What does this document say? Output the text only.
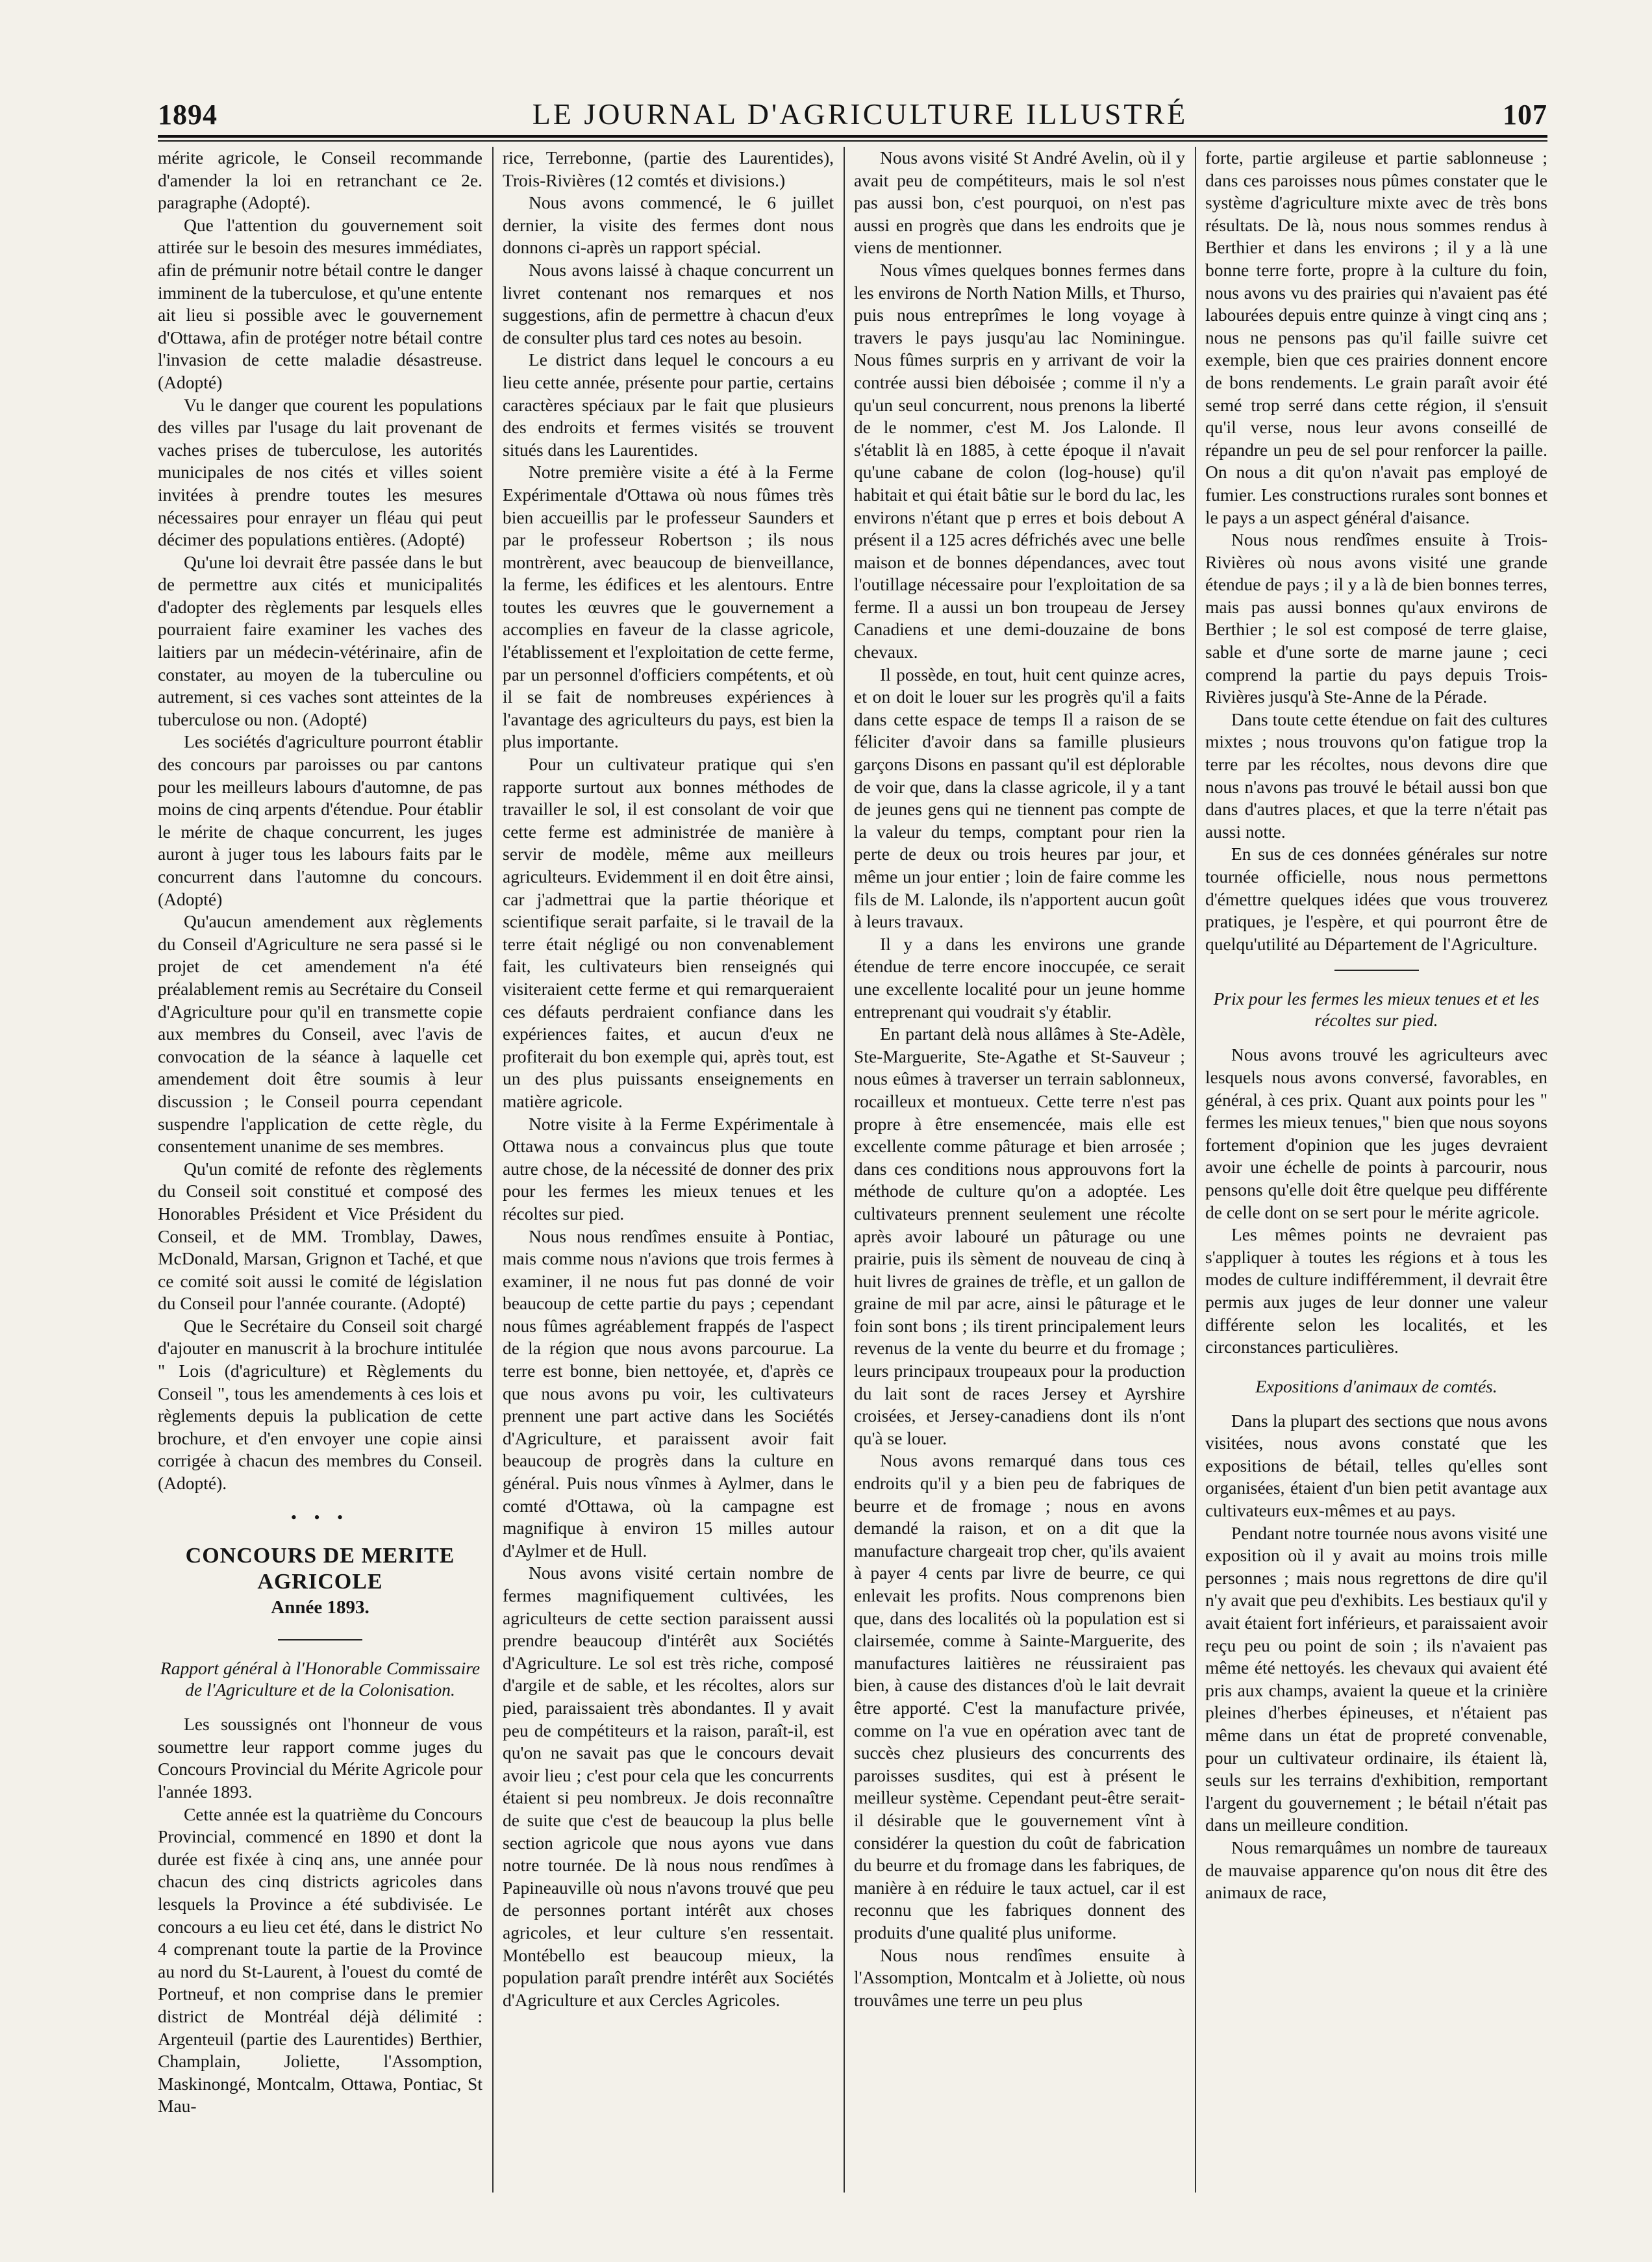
1894	LE JOURNAL D'AGRICULTURE ILLUSTRÉ	107

mérite agricole, le Conseil recommande d'amender la loi en retranchant ce 2e. paragraphe (Adopté).

Que l'attention du gouvernement soit attirée sur le besoin des mesures immédiates, afin de prémunir notre bétail contre le danger imminent de la tuberculose, et qu'une entente ait lieu si possible avec le gouvernement d'Ottawa, afin de protéger notre bétail contre l'invasion de cette maladie désastreuse. (Adopté)

Vu le danger que courent les populations des villes par l'usage du lait provenant de vaches prises de tuberculose, les autorités municipales de nos cités et villes soient invitées à prendre toutes les mesures nécessaires pour enrayer un fléau qui peut décimer des populations entières. (Adopté)

Qu'une loi devrait être passée dans le but de permettre aux cités et municipalités d'adopter des règlements par lesquels elles pourraient faire examiner les vaches des laitiers par un médecin-vétérinaire, afin de constater, au moyen de la tuberculine ou autrement, si ces vaches sont atteintes de la tuberculose ou non. (Adopté)

Les sociétés d'agriculture pourront établir des concours par paroisses ou par cantons pour les meilleurs labours d'automne, de pas moins de cinq arpents d'étendue. Pour établir le mérite de chaque concurrent, les juges auront à juger tous les labours faits par le concurrent dans l'automne du concours. (Adopté)

Qu'aucun amendement aux règlements du Conseil d'Agriculture ne sera passé si le projet de cet amendement n'a été préalablement remis au Secrétaire du Conseil d'Agriculture pour qu'il en transmette copie aux membres du Conseil, avec l'avis de convocation de la séance à laquelle cet amendement doit être soumis à leur discussion ; le Conseil pourra cependant suspendre l'application de cette règle, du consentement unanime de ses membres.

Qu'un comité de refonte des règlements du Conseil soit constitué et composé des Honorables Président et Vice Président du Conseil, et de MM. Tromblay, Dawes, McDonald, Marsan, Grignon et Taché, et que ce comité soit aussi le comité de législation du Conseil pour l'année courante. (Adopté)

Que le Secrétaire du Conseil soit chargé d'ajouter en manuscrit à la brochure intitulée " Lois (d'agriculture) et Règlements du Conseil ", tous les amendements à ces lois et règlements depuis la publication de cette brochure, et d'en envoyer une copie ainsi corrigée à chacun des membres du Conseil. (Adopté).

• • •
CONCOURS DE MERITE AGRICOLE
Année 1893.
Rapport général à l'Honorable Commissaire de l'Agriculture et de la Colonisation.

Les soussignés ont l'honneur de vous soumettre leur rapport comme juges du Concours Provincial du Mérite Agricole pour l'année 1893.

Cette année est la quatrième du Concours Provincial, commencé en 1890 et dont la durée est fixée à cinq ans, une année pour chacun des cinq districts agricoles dans lesquels la Province a été subdivisée. Le concours a eu lieu cet été, dans le district No 4 comprenant toute la partie de la Province au nord du St-Laurent, à l'ouest du comté de Portneuf, et non comprise dans le premier district de Montréal déjà délimité : Argenteuil (partie des Laurentides) Berthier, Champlain, Joliette, l'Assomption, Maskinongé, Montcalm, Ottawa, Pontiac, St Mau-

rice, Terrebonne, (partie des Laurentides), Trois-Rivières (12 comtés et divisions.)

Nous avons commencé, le 6 juillet dernier, la visite des fermes dont nous donnons ci-après un rapport spécial.

Nous avons laissé à chaque concurrent un livret contenant nos remarques et nos suggestions, afin de permettre à chacun d'eux de consulter plus tard ces notes au besoin.

Le district dans lequel le concours a eu lieu cette année, présente pour partie, certains caractères spéciaux par le fait que plusieurs des endroits et fermes visités se trouvent situés dans les Laurentides.

Notre première visite a été à la Ferme Expérimentale d'Ottawa où nous fûmes très bien accueillis par le professeur Saunders et par le professeur Robertson ; ils nous montrèrent, avec beaucoup de bienveillance, la ferme, les édifices et les alentours. Entre toutes les œuvres que le gouvernement a accomplies en faveur de la classe agricole, l'établissement et l'exploitation de cette ferme, par un personnel d'officiers compétents, et où il se fait de nombreuses expériences à l'avantage des agriculteurs du pays, est bien la plus importante.

Pour un cultivateur pratique qui s'en rapporte surtout aux bonnes méthodes de travailler le sol, il est consolant de voir que cette ferme est administrée de manière à servir de modèle, même aux meilleurs agriculteurs. Evidemment il en doit être ainsi, car j'admettrai que la partie théorique et scientifique serait parfaite, si le travail de la terre était négligé ou non convenablement fait, les cultivateurs bien renseignés qui visiteraient cette ferme et qui remarqueraient ces défauts perdraient confiance dans les expériences faites, et aucun d'eux ne profiterait du bon exemple qui, après tout, est un des plus puissants enseignements en matière agricole.

Notre visite à la Ferme Expérimentale à Ottawa nous a convaincus plus que toute autre chose, de la nécessité de donner des prix pour les fermes les mieux tenues et les récoltes sur pied.

Nous nous rendîmes ensuite à Pontiac, mais comme nous n'avions que trois fermes à examiner, il ne nous fut pas donné de voir beaucoup de cette partie du pays ; cependant nous fûmes agréablement frappés de l'aspect de la région que nous avons parcourue. La terre est bonne, bien nettoyée, et, d'après ce que nous avons pu voir, les cultivateurs prennent une part active dans les Sociétés d'Agriculture, et paraissent avoir fait beaucoup de progrès dans la culture en général. Puis nous vînmes à Aylmer, dans le comté d'Ottawa, où la campagne est magnifique à environ 15 milles autour d'Aylmer et de Hull.

Nous avons visité certain nombre de fermes magnifiquement cultivées, les agriculteurs de cette section paraissent aussi prendre beaucoup d'intérêt aux Sociétés d'Agriculture. Le sol est très riche, composé d'argile et de sable, et les récoltes, alors sur pied, paraissaient très abondantes. Il y avait peu de compétiteurs et la raison, paraît-il, est qu'on ne savait pas que le concours devait avoir lieu ; c'est pour cela que les concurrents étaient si peu nombreux. Je dois reconnaître de suite que c'est de beaucoup la plus belle section agricole que nous ayons vue dans notre tournée. De là nous nous rendîmes à Papineauville où nous n'avons trouvé que peu de personnes portant intérêt aux choses agricoles, et leur culture s'en ressentait. Montébello est beaucoup mieux, la population paraît prendre intérêt aux Sociétés d'Agriculture et aux Cercles Agricoles.

Nous avons visité St André Avelin, où il y avait peu de compétiteurs, mais le sol n'est pas aussi bon, c'est pourquoi, on n'est pas aussi en progrès que dans les endroits que je viens de mentionner.

Nous vîmes quelques bonnes fermes dans les environs de North Nation Mills, et Thurso, puis nous entreprîmes le long voyage à travers le pays jusqu'au lac Nominingue. Nous fûmes surpris en y arrivant de voir la contrée aussi bien déboisée ; comme il n'y a qu'un seul concurrent, nous prenons la liberté de le nommer, c'est M. Jos Lalonde. Il s'établit là en 1885, à cette époque il n'avait qu'une cabane de colon (log-house) qu'il habitait et qui était bâtie sur le bord du lac, les environs n'étant que p erres et bois debout A présent il a 125 acres défrichés avec une belle maison et de bonnes dépendances, avec tout l'outillage nécessaire pour l'exploitation de sa ferme. Il a aussi un bon troupeau de Jersey Canadiens et une demi-douzaine de bons chevaux.

Il possède, en tout, huit cent quinze acres, et on doit le louer sur les progrès qu'il a faits dans cette espace de temps Il a raison de se féliciter d'avoir dans sa famille plusieurs garçons Disons en passant qu'il est déplorable de voir que, dans la classe agricole, il y a tant de jeunes gens qui ne tiennent pas compte de la valeur du temps, comptant pour rien la perte de deux ou trois heures par jour, et même un jour entier ; loin de faire comme les fils de M. Lalonde, ils n'apportent aucun goût à leurs travaux.

Il y a dans les environs une grande étendue de terre encore inoccupée, ce serait une excellente localité pour un jeune homme entreprenant qui voudrait s'y établir.

En partant delà nous allâmes à Ste-Adèle, Ste-Marguerite, Ste-Agathe et St-Sauveur ; nous eûmes à traverser un terrain sablonneux, rocailleux et montueux. Cette terre n'est pas propre à être ensemencée, mais elle est excellente comme pâturage et bien arrosée ; dans ces conditions nous approuvons fort la méthode de culture qu'on a adoptée. Les cultivateurs prennent seulement une récolte après avoir labouré un pâturage ou une prairie, puis ils sèment de nouveau de cinq à huit livres de graines de trèfle, et un gallon de graine de mil par acre, ainsi le pâturage et le foin sont bons ; ils tirent principalement leurs revenus de la vente du beurre et du fromage ; leurs principaux troupeaux pour la production du lait sont de races Jersey et Ayrshire croisées, et Jersey-canadiens dont ils n'ont qu'à se louer.

Nous avons remarqué dans tous ces endroits qu'il y a bien peu de fabriques de beurre et de fromage ; nous en avons demandé la raison, et on a dit que la manufacture chargeait trop cher, qu'ils avaient à payer 4 cents par livre de beurre, ce qui enlevait les profits. Nous comprenons bien que, dans des localités où la population est si clairsemée, comme à Sainte-Marguerite, des manufactures laitières ne réussiraient pas bien, à cause des distances d'où le lait devrait être apporté. C'est la manufacture privée, comme on l'a vue en opération avec tant de succès chez plusieurs des concurrents des paroisses susdites, qui est à présent le meilleur système. Cependant peut-être serait-il désirable que le gouvernement vînt à considérer la question du coût de fabrication du beurre et du fromage dans les fabriques, de manière à en réduire le taux actuel, car il est reconnu que les fabriques donnent des produits d'une qualité plus uniforme.

Nous nous rendîmes ensuite à l'Assomption, Montcalm et à Joliette, où nous trouvâmes une terre un peu plus

forte, partie argileuse et partie sablonneuse ; dans ces paroisses nous pûmes constater que le système d'agriculture mixte avec de très bons résultats. De là, nous nous sommes rendus à Berthier et dans les environs ; il y a là une bonne terre forte, propre à la culture du foin, nous avons vu des prairies qui n'avaient pas été labourées depuis entre quinze à vingt cinq ans ; nous ne pensons pas qu'il faille suivre cet exemple, bien que ces prairies donnent encore de bons rendements. Le grain paraît avoir été semé trop serré dans cette région, il s'ensuit qu'il verse, nous leur avons conseillé de répandre un peu de sel pour renforcer la paille. On nous a dit qu'on n'avait pas employé de fumier. Les constructions rurales sont bonnes et le pays a un aspect général d'aisance.

Nous nous rendîmes ensuite à Trois-Rivières où nous avons visité une grande étendue de pays ; il y a là de bien bonnes terres, mais pas aussi bonnes qu'aux environs de Berthier ; le sol est composé de terre glaise, sable et d'une sorte de marne jaune ; ceci comprend la partie du pays depuis Trois-Rivières jusqu'à Ste-Anne de la Pérade.

Dans toute cette étendue on fait des cultures mixtes ; nous trouvons qu'on fatigue trop la terre par les récoltes, nous devons dire que nous n'avons pas trouvé le bétail aussi bon que dans d'autres places, et que la terre n'était pas aussi notte.

En sus de ces données générales sur notre tournée officielle, nous nous permettons d'émettre quelques idées que vous trouverez pratiques, je l'espère, et qui pourront être de quelqu'utilité au Département de l'Agriculture.

Prix pour les fermes les mieux tenues et et les récoltes sur pied.

Nous avons trouvé les agriculteurs avec lesquels nous avons conversé, favorables, en général, à ces prix. Quant aux points pour les " fermes les mieux tenues," bien que nous soyons fortement d'opinion que les juges devraient avoir une échelle de points à parcourir, nous pensons qu'elle doit être quelque peu différente de celle dont on se sert pour le mérite agricole.

Les mêmes points ne devraient pas s'appliquer à toutes les régions et à tous les modes de culture indifféremment, il devrait être permis aux juges de leur donner une valeur différente selon les localités, et les circonstances particulières.

Expositions d'animaux de comtés.

Dans la plupart des sections que nous avons visitées, nous avons constaté que les expositions de bétail, telles qu'elles sont organisées, étaient d'un bien petit avantage aux cultivateurs eux-mêmes et au pays.

Pendant notre tournée nous avons visité une exposition où il y avait au moins trois mille personnes ; mais nous regrettons de dire qu'il n'y avait que peu d'exhibits. Les bestiaux qu'il y avait étaient fort inférieurs, et paraissaient avoir reçu peu ou point de soin ; ils n'avaient pas même été nettoyés. les chevaux qui avaient été pris aux champs, avaient la queue et la crinière pleines d'herbes épineuses, et n'étaient pas même dans un état de propreté convenable, pour un cultivateur ordinaire, ils étaient là, seuls sur les terrains d'exhibition, remportant l'argent du gouvernement ; le bétail n'était pas dans un meilleure condition.

Nous remarquâmes un nombre de taureaux de mauvaise apparence qu'on nous dit être des animaux de race,
